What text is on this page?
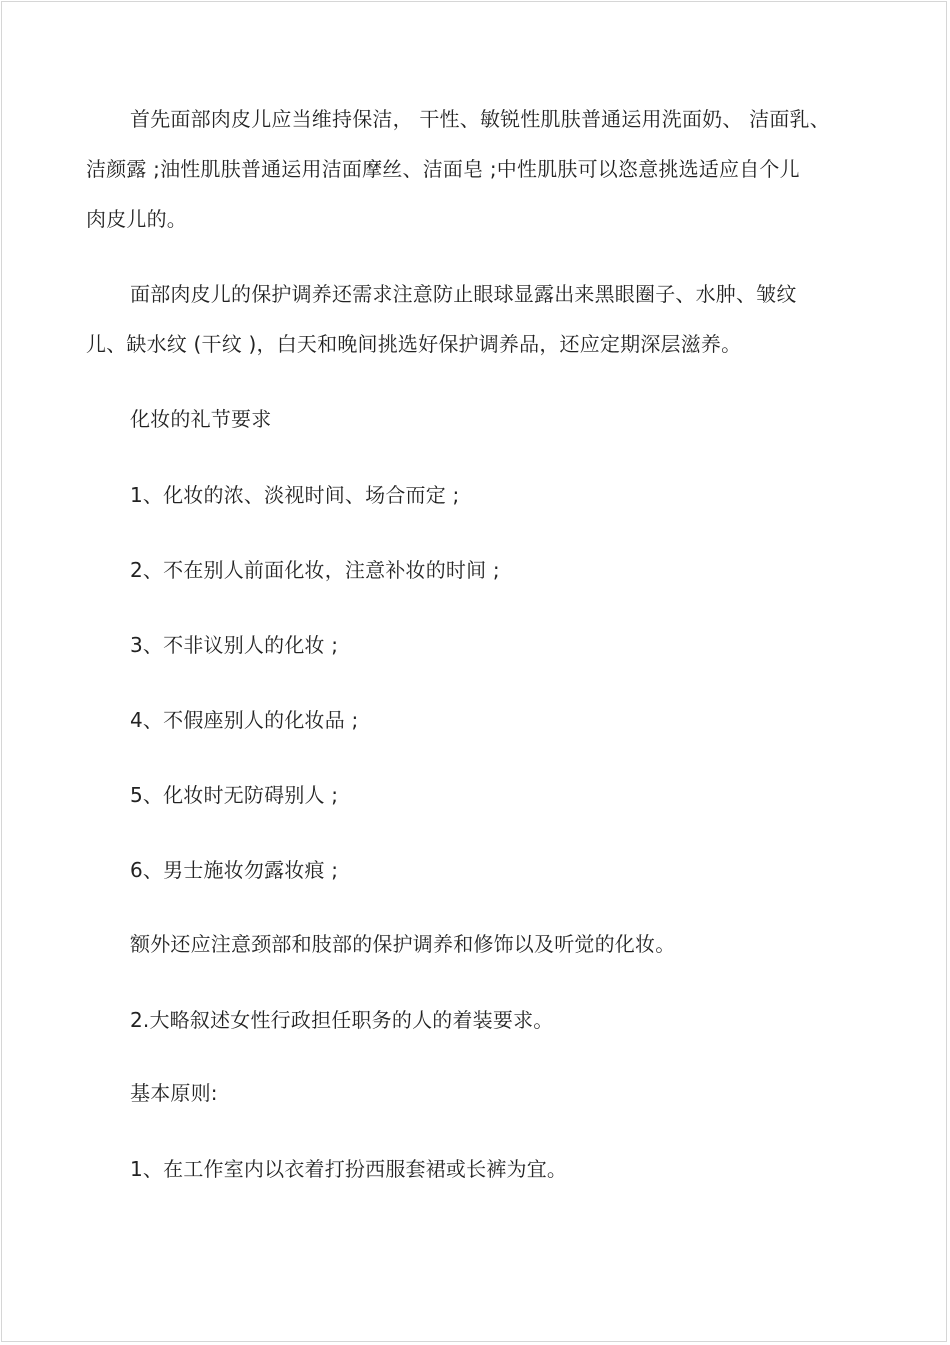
首先面部肉皮儿应当维持保洁， 干性、敏锐性肌肤普通运用洗面奶、 洁面乳、
洁颜露 ;油性肌肤普通运用洁面摩丝、洁面皂 ;中性肌肤可以恣意挑选适应自个儿
肉皮儿的。
面部肉皮儿的保护调养还需求注意防止眼球显露出来黑眼圈子、水肿、皱纹
儿、缺水纹 (干纹 )，白天和晚间挑选好保护调养品，还应定期深层滋养。
化妆的礼节要求
1、化妆的浓、淡视时间、场合而定 ;
2、不在别人前面化妆，注意补妆的时间 ;
3、不非议别人的化妆 ;
4、不假座别人的化妆品 ;
5、化妆时无防碍别人 ;
6、男士施妆勿露妆痕 ;
额外还应注意颈部和肢部的保护调养和修饰以及听觉的化妆。
2.大略叙述女性行政担任职务的人的着装要求。
基本原则:
1、在工作室内以衣着打扮西服套裙或长裤为宜。
